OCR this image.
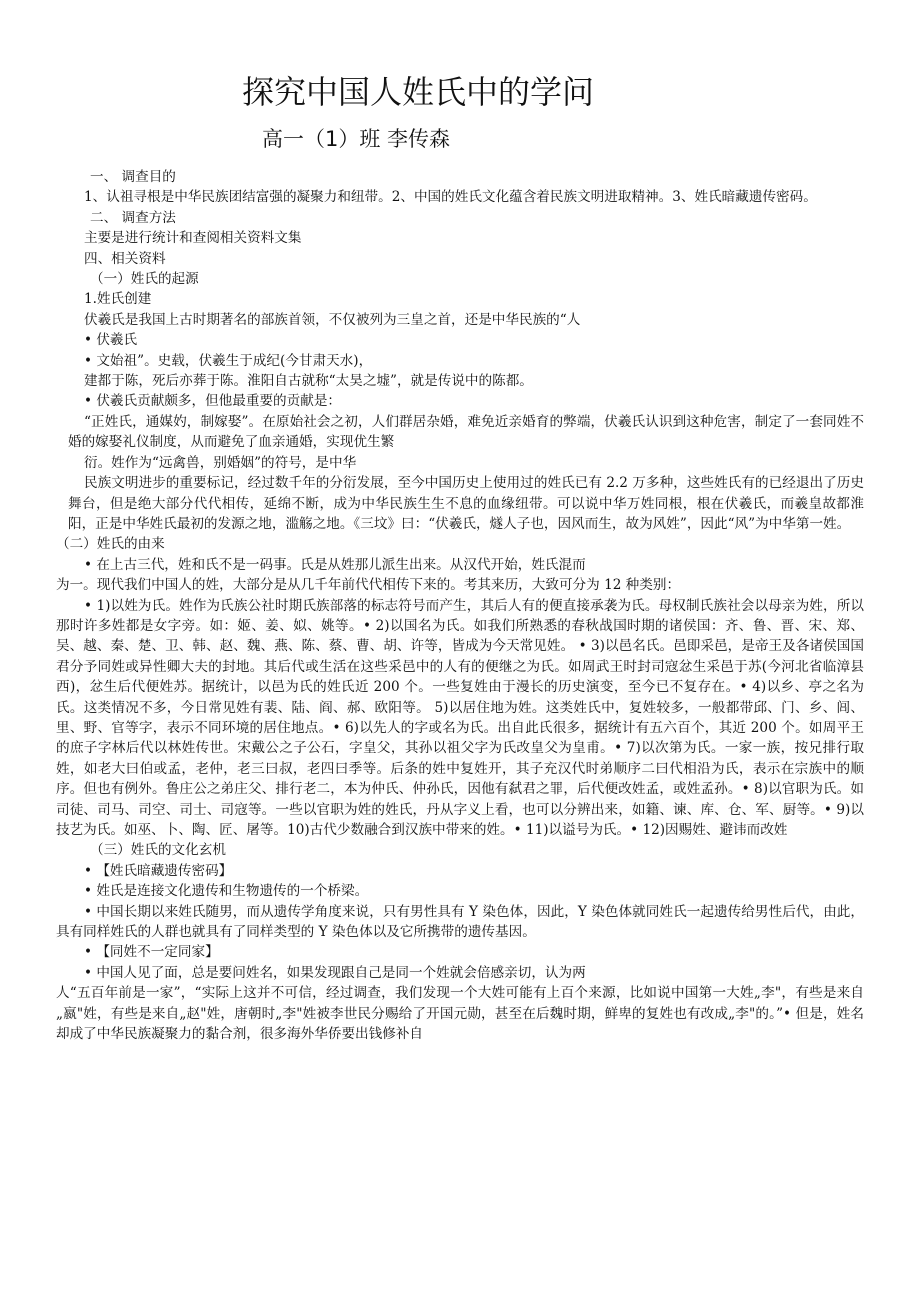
探究中国人姓氏中的学问
高一（1）班 李传森

一、 调查目的

1、认祖寻根是中华民族团结富强的凝聚力和纽带。2、中国的姓氏文化蕴含着民族文明进取精神。3、姓氏暗藏遗传密码。

二、 调查方法

主要是进行统计和查阅相关资料文集

四、相关资料

（一）姓氏的起源

1.姓氏创建

伏羲氏是我国上古时期著名的部族首领，不仅被列为三皇之首，还是中华民族的“人

• 伏羲氏

• 文始祖”。史载，伏羲生于成纪(今甘肃天水)，

建都于陈，死后亦葬于陈。淮阳自古就称“太昊之墟”，就是传说中的陈都。

• 伏羲氏贡献颇多，但他最重要的贡献是：

“正姓氏，通媒妁，制嫁娶”。在原始社会之初，人们群居杂婚，难免近亲婚育的弊端，伏羲氏认识到这种危害，制定了一套同姓不婚的嫁娶礼仪制度，从而避免了血亲通婚，实现优生繁

衍。姓作为“远禽兽，别婚姻”的符号，是中华

民族文明进步的重要标记，经过数千年的分衍发展，至今中国历史上使用过的姓氏已有 2.2 万多种，这些姓氏有的已经退出了历史舞台，但是绝大部分代代相传，延绵不断，成为中华民族生生不息的血缘纽带。可以说中华万姓同根，根在伏羲氏，而羲皇故都淮阳，正是中华姓氏最初的发源之地，滥觞之地。《三坟》曰：“伏羲氏，燧人子也，因风而生，故为风姓”，因此“风”为中华第一姓。

（二）姓氏的由来

• 在上古三代，姓和氏不是一码事。氏是从姓那儿派生出来。从汉代开始，姓氏混而

为一。现代我们中国人的姓，大部分是从几千年前代代相传下来的。考其来历，大致可分为 12 种类别：

• 1)以姓为氏。姓作为氏族公社时期氏族部落的标志符号而产生，其后人有的便直接承袭为氏。母权制氏族社会以母亲为姓，所以那时许多姓都是女字旁。如：姬、姜、姒、姚等。• 2)以国名为氏。如我们所熟悉的春秋战国时期的诸侯国：齐、鲁、晋、宋、郑、吴、越、秦、楚、卫、韩、赵、魏、燕、陈、蔡、曹、胡、许等，皆成为今天常见姓。 • 3)以邑名氏。邑即采邑，是帝王及各诸侯国国君分予同姓或异性卿大夫的封地。其后代或生活在这些采邑中的人有的便继之为氏。如周武王时封司寇忿生采邑于苏(今河北省临漳县西)，忿生后代便姓苏。据统计，以邑为氏的姓氏近 200 个。一些复姓由于漫长的历史演变，至今已不复存在。• 4)以乡、亭之名为氏。这类情况不多，今日常见姓有裴、陆、阎、郝、欧阳等。 5)以居住地为姓。这类姓氏中，复姓较多，一般都带邱、门、乡、闾、里、野、官等字，表示不同环境的居住地点。• 6)以先人的字或名为氏。出自此氏很多，据统计有五六百个，其近 200 个。如周平王的庶子字林后代以林姓传世。宋戴公之子公石，字皇父，其孙以祖父字为氏改皇父为皇甫。• 7)以次第为氏。一家一族，按兄排行取姓，如老大曰伯或孟，老仲，老三曰叔，老四曰季等。后条的姓中复姓开，其子充汉代时弟顺序二曰代相沿为氏，表示在宗族中的顺序。但也有例外。鲁庄公之弟庄父、排行老二，本为仲氏、仲孙氏，因他有弑君之罪，后代便改姓孟，或姓孟孙。• 8)以官职为氏。如司徒、司马、司空、司士、司寇等。一些以官职为姓的姓氏，丹从字义上看，也可以分辨出来，如籍、谏、库、仓、军、厨等。• 9)以技艺为氏。如巫、卜、陶、匠、屠等。10)古代少数融合到汉族中带来的姓。• 11)以谥号为氏。• 12)因赐姓、避讳而改姓

（三）姓氏的文化玄机

• 【姓氏暗藏遗传密码】

• 姓氏是连接文化遗传和生物遗传的一个桥梁。

• 中国长期以来姓氏随男，而从遗传学角度来说，只有男性具有 Y 染色体，因此，Y 染色体就同姓氏一起遗传给男性后代，由此，具有同样姓氏的人群也就具有了同样类型的 Y 染色体以及它所携带的遗传基因。

• 【同姓不一定同家】

• 中国人见了面，总是要问姓名，如果发现跟自己是同一个姓就会倍感亲切，认为两

人“五百年前是一家”，“实际上这并不可信，经过调查，我们发现一个大姓可能有上百个来源，比如说中国第一大姓„李"，有些是来自„嬴"姓，有些是来自„赵"姓，唐朝时„李"姓被李世民分赐给了开国元勋，甚至在后魏时期，鲜卑的复姓也有改成„李"的。”• 但是，姓名却成了中华民族凝聚力的黏合剂，很多海外华侨要出钱修补自
